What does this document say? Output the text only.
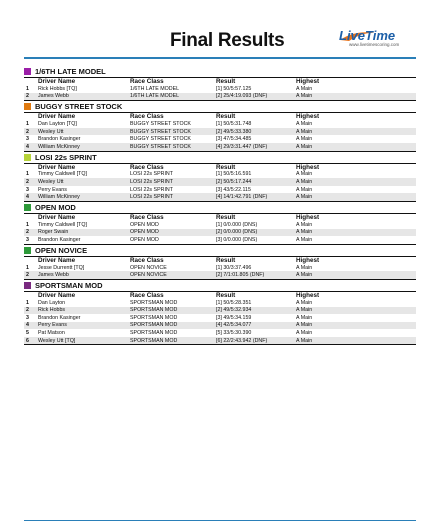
Final Results	LiveTime
www.livetimescoring.com
1/6TH LATE MODEL
	Driver Name	Race Class	Result	Highest
1	Rick Hobbs [TQ]	1/6TH LATE MODEL	[1] 50/5:57.125	A Main
2	James Webb	1/6TH LATE MODEL	[2] 25/4:19.093 (DNF)	A Main
BUGGY STREET STOCK
	Driver Name	Race Class	Result	Highest
1	Dan Layton [TQ]	BUGGY STREET STOCK	[1] 50/5:31.748	A Main
2	Wesley Utt	BUGGY STREET STOCK	[2] 49/5:33.380	A Main
3	Brandon Kasinger	BUGGY STREET STOCK	[3] 47/5:34.485	A Main
4	William McKinney	BUGGY STREET STOCK	[4] 29/3:31.447 (DNF)	A Main
LOSI 22s SPRINT
	Driver Name	Race Class	Result	Highest
1	Timmy Caldwell [TQ]	LOSI 22s SPRINT	[1] 50/5:16.591	A Main
2	Wesley Utt	LOSI 22s SPRINT	[2] 50/5:17.244	A Main
3	Perry Evans	LOSI 22s SPRINT	[3] 43/5:22.115	A Main
4	William McKinney	LOSI 22s SPRINT	[4] 14/1:42.791 (DNF)	A Main
OPEN MOD
	Driver Name	Race Class	Result	Highest
1	Timmy Caldwell [TQ]	OPEN MOD	[1] 0/0.000 (DNS)	A Main
2	Roger Swain	OPEN MOD	[2] 0/0.000 (DNS)	A Main
3	Brandon Kasinger	OPEN MOD	[3] 0/0.000 (DNS)	A Main
OPEN NOVICE
	Driver Name	Race Class	Result	Highest
1	Jesse Durrentt [TQ]	OPEN NOVICE	[1] 30/3:37.496	A Main
2	James Webb	OPEN NOVICE	[2] 7/1:01.805 (DNF)	A Main
SPORTSMAN MOD
	Driver Name	Race Class	Result	Highest
1	Dan Layton	SPORTSMAN MOD	[1] 50/5:28.351	A Main
2	Rick Hobbs	SPORTSMAN MOD	[2] 49/5:32.934	A Main
3	Brandon Kasinger	SPORTSMAN MOD	[3] 49/5:34.159	A Main
4	Perry Evans	SPORTSMAN MOD	[4] 42/5:34.077	A Main
5	Pat Matson	SPORTSMAN MOD	[5] 33/5:30.390	A Main
6	Wesley Utt [TQ]	SPORTSMAN MOD	[6] 22/2:43.942 (DNF)	A Main
